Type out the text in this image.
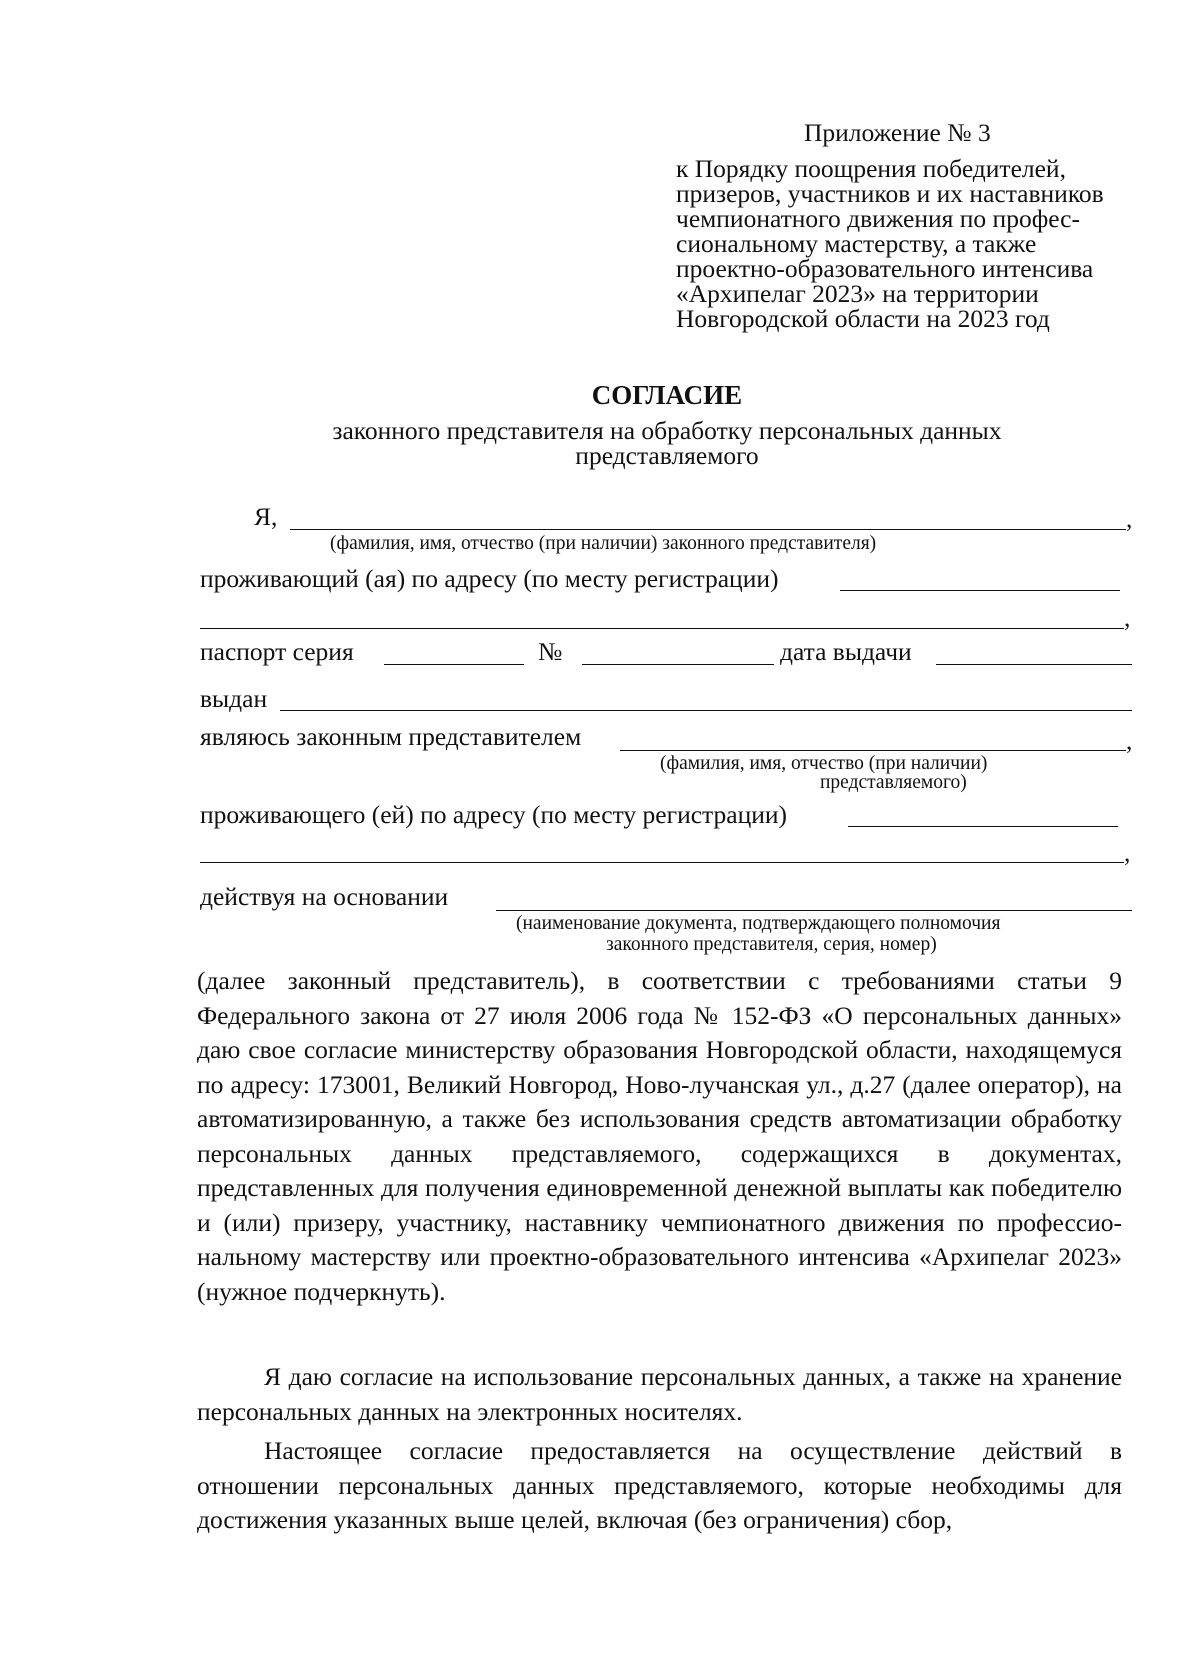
Приложение № 3
к Порядку поощрения победителей,
призеров, участников и их наставников
чемпионатного движения по профес-
сиональному мастерству, а также
проектно-образовательного интенсива
«Архипелаг 2023» на территории
Новгородской области на 2023 год
СОГЛАСИЕ
законного представителя на обработку персональных данных
представляемого
Я,	,
(фамилия, имя, отчество (при наличии) законного представителя)
проживающий (ая) по адресу (по месту регистрации)
,
паспорт серия	№	дата выдачи
выдан
являюсь законным представителем	,
(фамилия, имя, отчество (при наличии)
представляемого)
проживающего (ей) по адресу (по месту регистрации)
,
действуя на основании
(наименование документа, подтверждающего полномочия
законного представителя, серия, номер)
(далее законный представитель), в соответствии с требованиями статьи 9 Федерального закона от 27 июля 2006 года № 152-ФЗ «О персональных данных» даю свое согласие министерству образования Новгородской области, находящемуся по адресу: 173001, Великий Новгород, Ново-лучанская ул., д.27 (далее оператор), на автоматизированную, а также без использования средств автоматизации обработку персональных данных представляемого, содержащихся в документах, представленных для получения единовременной денежной выплаты как победителю и (или) призеру, участнику, наставнику чемпионатного движения по профессио-нальному мастерству или проектно-образовательного интенсива «Архипелаг 2023» (нужное подчеркнуть).
Я даю согласие на использование персональных данных, а также на хранение персональных данных на электронных носителях.
Настоящее согласие предоставляется на осуществление действий в отношении персональных данных представляемого, которые необходимы для достижения указанных выше целей, включая (без ограничения) сбор,
